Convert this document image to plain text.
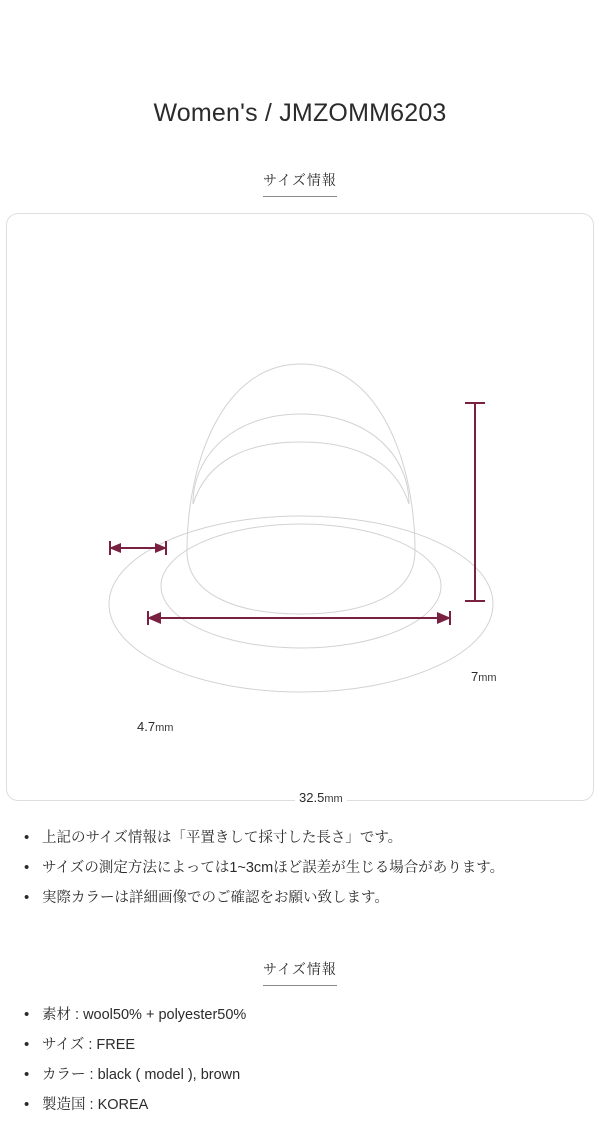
Women's / JMZOMM6203
サイズ情報
4.7mm
7mm
32.5mm
• 上記のサイズ情報は「平置きして採寸した長さ」です。
• サイズの測定方法によっては1~3cmほど誤差が生じる場合があります。
• 実際カラーは詳細画像でのご確認をお願い致します。
サイズ情報
• 素材 : wool50% + polyester50%
• サイズ : FREE
• カラー : black ( model ), brown
• 製造国 : KOREA
